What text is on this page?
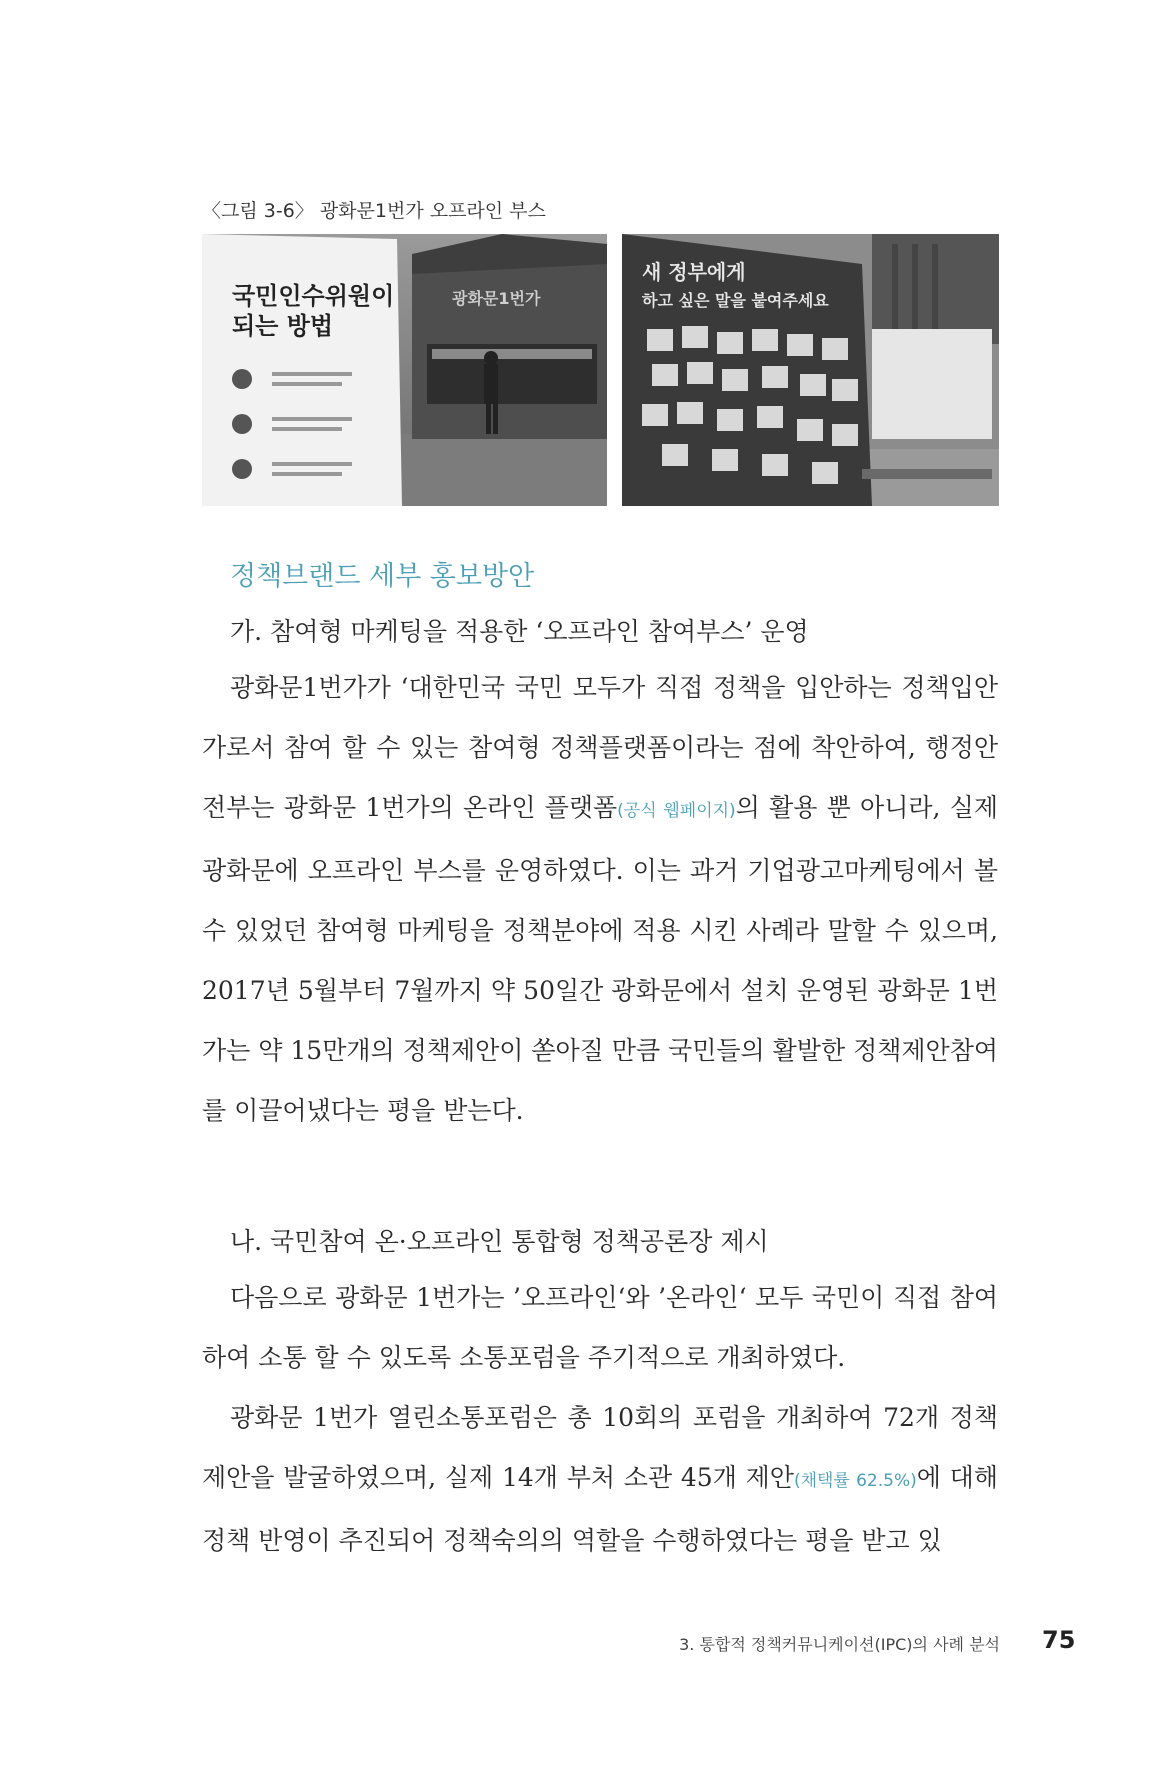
〈그림 3-6〉 광화문1번가 오프라인 부스
광화문1번가
국민인수위원이
되는 방법
새 정부에게
하고 싶은 말을 붙여주세요
정책브랜드 세부 홍보방안
가. 참여형 마케팅을 적용한 ‘오프라인 참여부스’ 운영
광화문1번가가 ‘대한민국 국민 모두가 직접 정책을 입안하는 정책입안가로서 참여 할 수 있는 참여형 정책플랫폼이라는 점에 착안하여, 행정안전부는 광화문 1번가의 온라인 플랫폼(공식 웹페이지)의 활용 뿐 아니라, 실제 광화문에 오프라인 부스를 운영하였다. 이는 과거 기업광고마케팅에서 볼 수 있었던 참여형 마케팅을 정책분야에 적용 시킨 사례라 말할 수 있으며, 2017년 5월부터 7월까지 약 50일간 광화문에서 설치 운영된 광화문 1번가는 약 15만개의 정책제안이 쏟아질 만큼 국민들의 활발한 정책제안참여를 이끌어냈다는 평을 받는다.
나. 국민참여 온·오프라인 통합형 정책공론장 제시
다음으로 광화문 1번가는 ’오프라인‘와 ’온라인‘ 모두 국민이 직접 참여하여 소통 할 수 있도록 소통포럼을 주기적으로 개최하였다.
광화문 1번가 열린소통포럼은 총 10회의 포럼을 개최하여 72개 정책제안을 발굴하였으며, 실제 14개 부처 소관 45개 제안(채택률 62.5%)에 대해 정책 반영이 추진되어 정책숙의의 역할을 수행하였다는 평을 받고 있
3. 통합적 정책커뮤니케이션(IPC)의 사례 분석 75
